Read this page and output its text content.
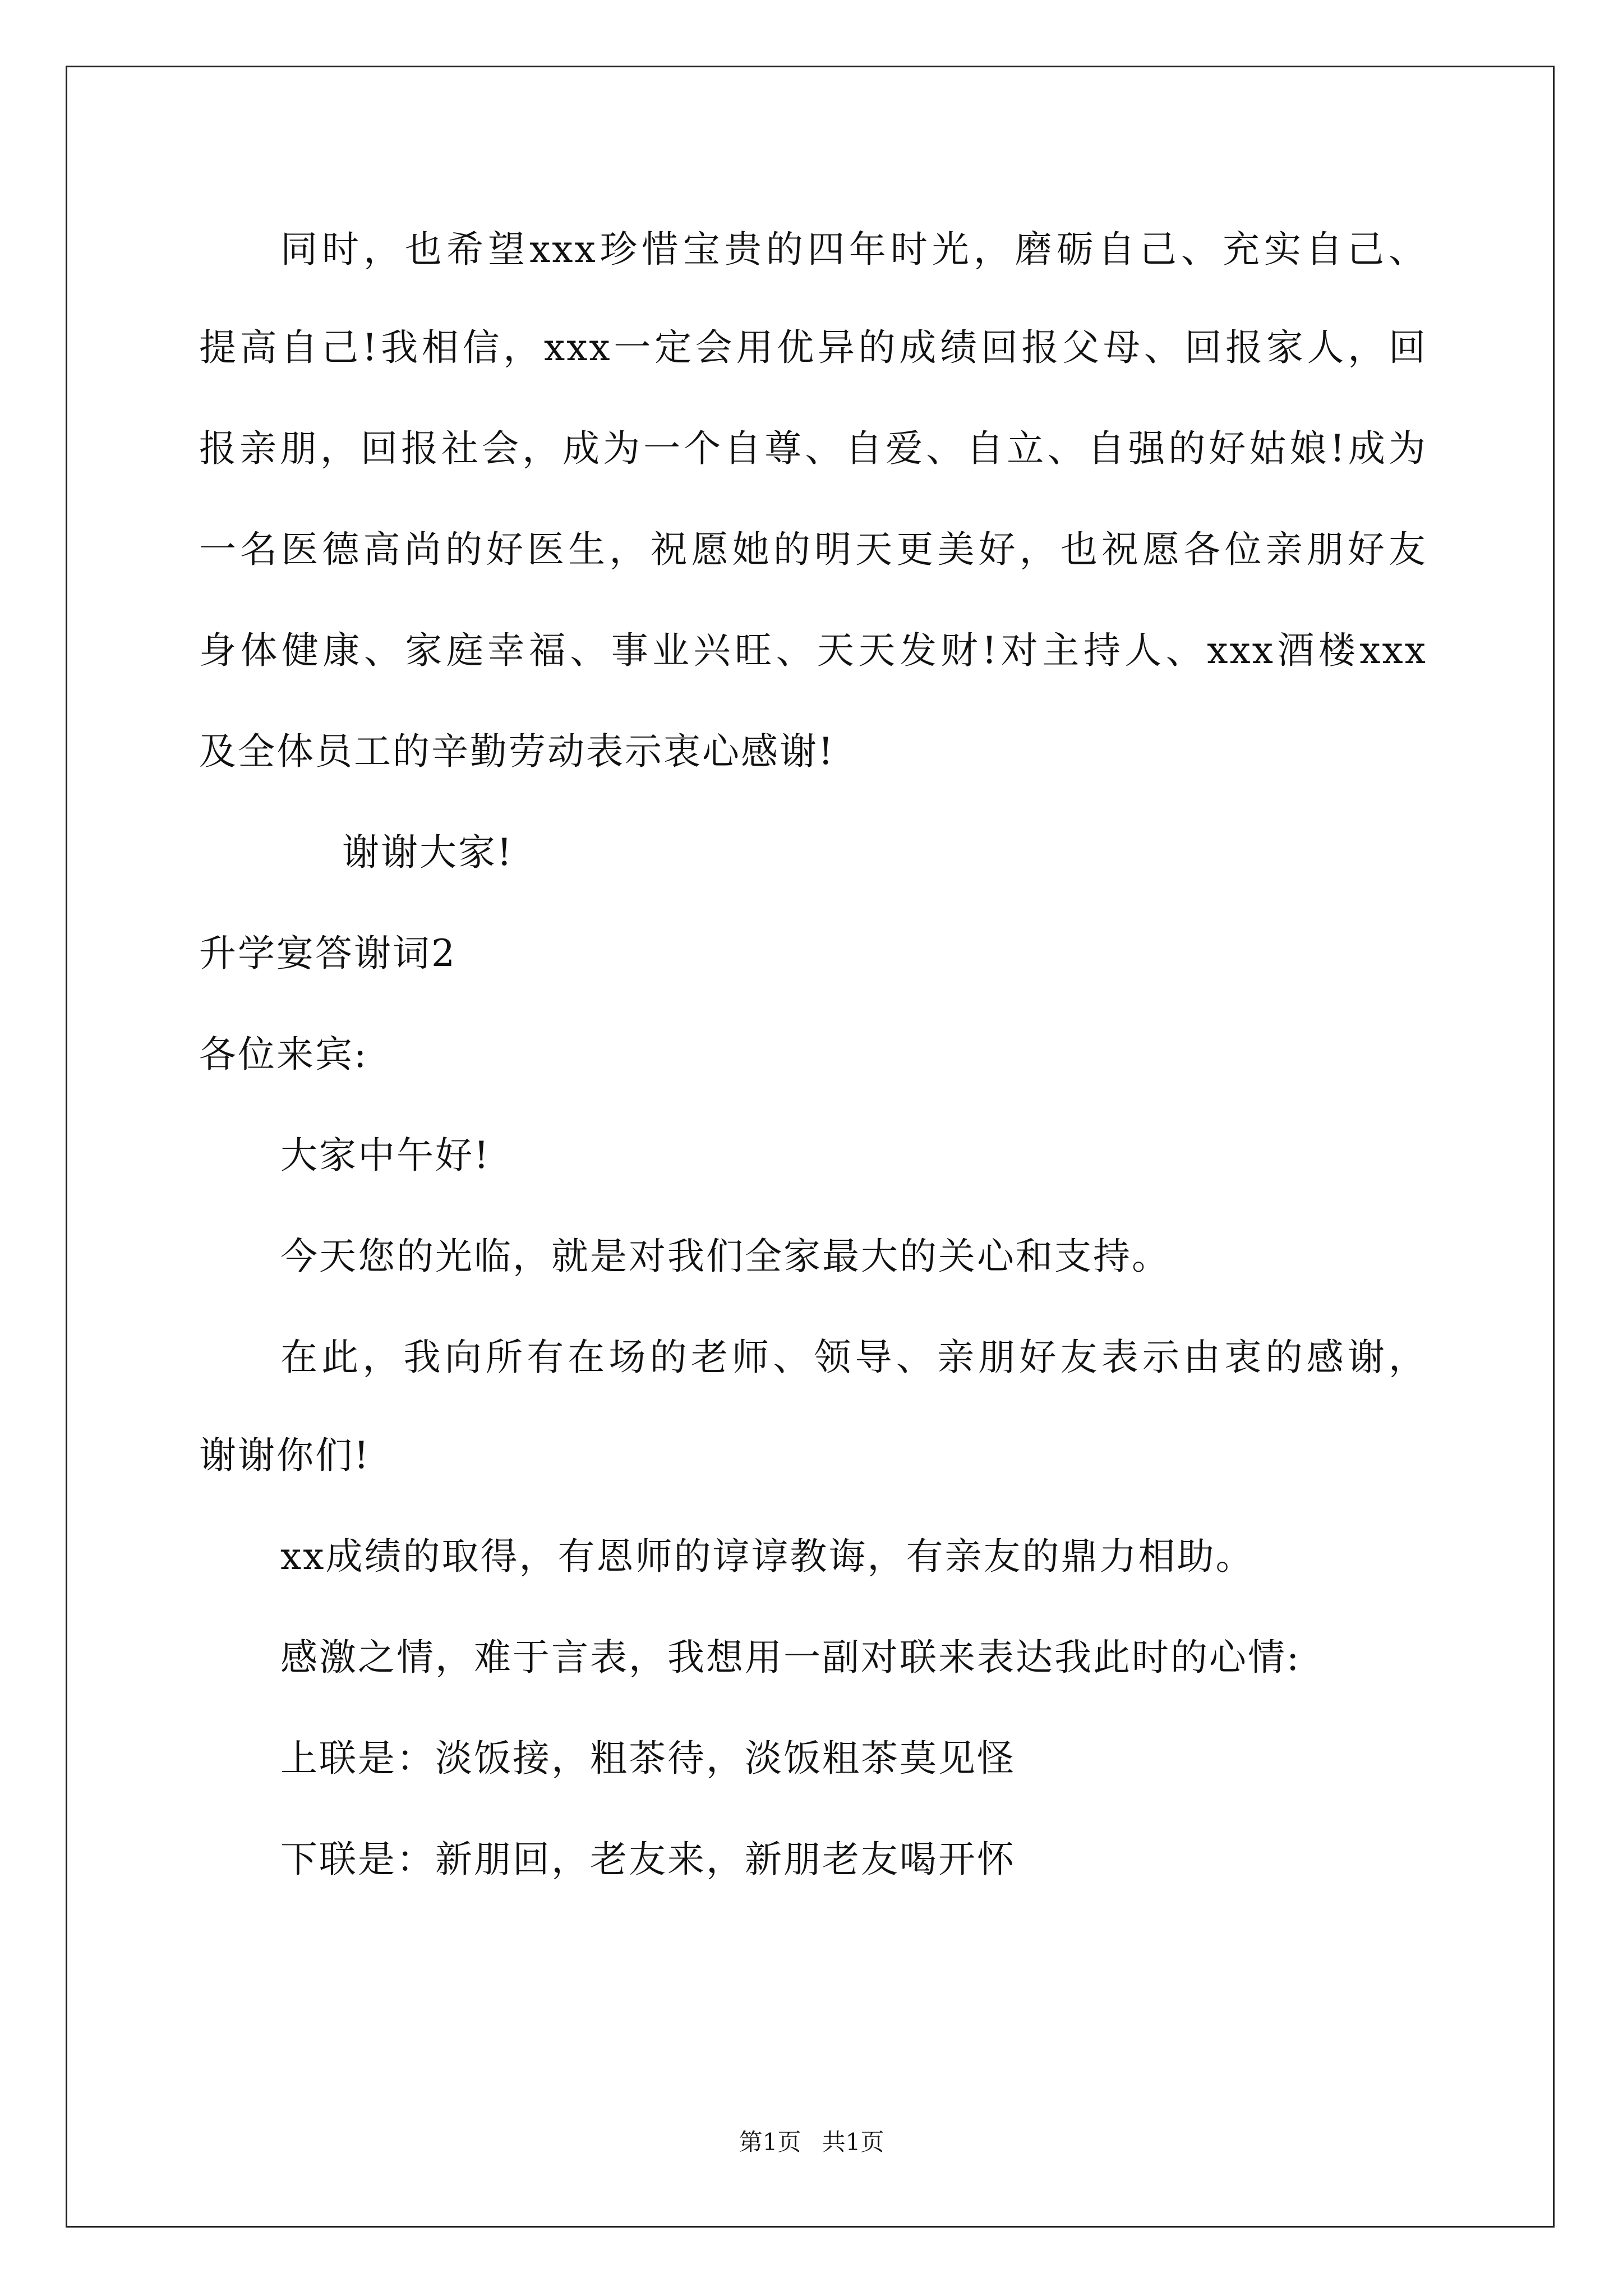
同时，也希望xxx珍惜宝贵的四年时光，磨砺自己、充实自己、
提高自己!我相信，xxx一定会用优异的成绩回报父母、回报家人，回
报亲朋，回报社会，成为一个自尊、自爱、自立、自强的好姑娘!成为
一名医德高尚的好医生，祝愿她的明天更美好，也祝愿各位亲朋好友
身体健康、家庭幸福、事业兴旺、天天发财!对主持人、xxx酒楼xxx
及全体员工的辛勤劳动表示衷心感谢!
谢谢大家!
升学宴答谢词2
各位来宾:
大家中午好!
今天您的光临，就是对我们全家最大的关心和支持。
在此，我向所有在场的老师、领导、亲朋好友表示由衷的感谢，
谢谢你们!
xx成绩的取得，有恩师的谆谆教诲，有亲友的鼎力相助。
感激之情，难于言表，我想用一副对联来表达我此时的心情:
上联是：淡饭接，粗茶待，淡饭粗茶莫见怪
下联是：新朋回，老友来，新朋老友喝开怀
第1页 共1页
